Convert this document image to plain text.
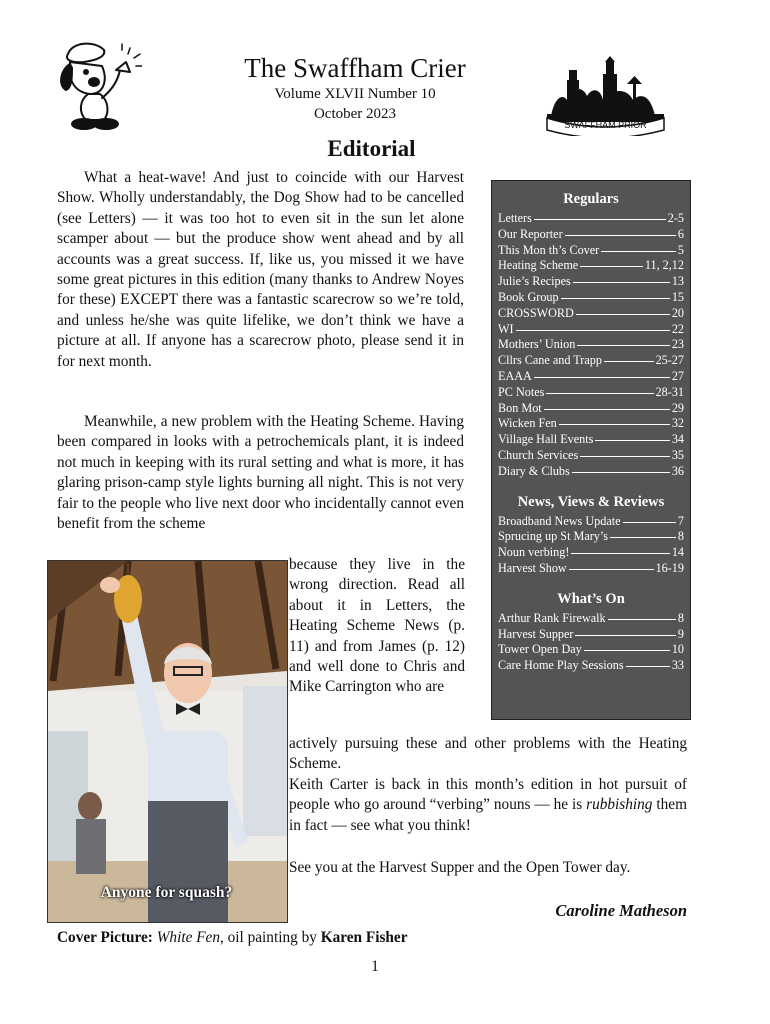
SWAFFHAM PRIOR
The Swaffham Crier
Volume XLVII Number 10
October 2023
Editorial
What a heat-wave! And just to coincide with our Harvest Show. Wholly understandably, the Dog Show had to be cancelled (see Letters) — it was too hot to even sit in the sun let alone scamper about — but the produce show went ahead and by all accounts was a great success. If, like us, you missed it we have some great pictures in this edition (many thanks to Andrew Noyes for these) EXCEPT there was a fantastic scarecrow so we’re told, and unless he/she was quite lifelike, we don’t think we have a picture at all. If anyone has a scarecrow photo, please send it in for next month.
Meanwhile, a new problem with the Heating Scheme. Having been compared in looks with a petrochemicals plant, it is indeed not much in keeping with its rural setting and what is more, it has glaring prison-camp style lights burning all night. This is not very fair to the people who live next door who incidentally cannot even benefit from the scheme
because they live in the wrong direction. Read all about it in Letters, the Heating Scheme News (p. 11) and from James (p. 12) and well done to Chris and Mike Carrington who are
actively pursuing these and other problems with the Heating Scheme.
Keith Carter is back in this month’s edition in hot pursuit of people who go around “verbing” nouns — he is rubbishing them in fact — see what you think!
See you at the Harvest Supper and the Open Tower day.
Caroline Matheson
Regulars
Letters	2-5
Our Reporter	6
This Mon th’s Cover	5
Heating Scheme	11, 2,12
Julie’s Recipes	13
Book Group	15
CROSSWORD	20
WI	22
Mothers’ Union	23
Cllrs Cane and Trapp	25-27
EAAA	27
PC Notes	28-31
Bon Mot	29
Wicken Fen	32
Village Hall Events	34
Church Services	35
Diary & Clubs	36
News, Views & Reviews
Broadband News Update	7
Sprucing up St Mary’s	8
Noun verbing!	14
Harvest Show	16-19
What’s On
Arthur Rank Firewalk	8
Harvest Supper	9
Tower Open Day	10
Care Home Play Sessions	33
Anyone for squash?
Cover Picture: White Fen, oil painting by Karen Fisher
1
